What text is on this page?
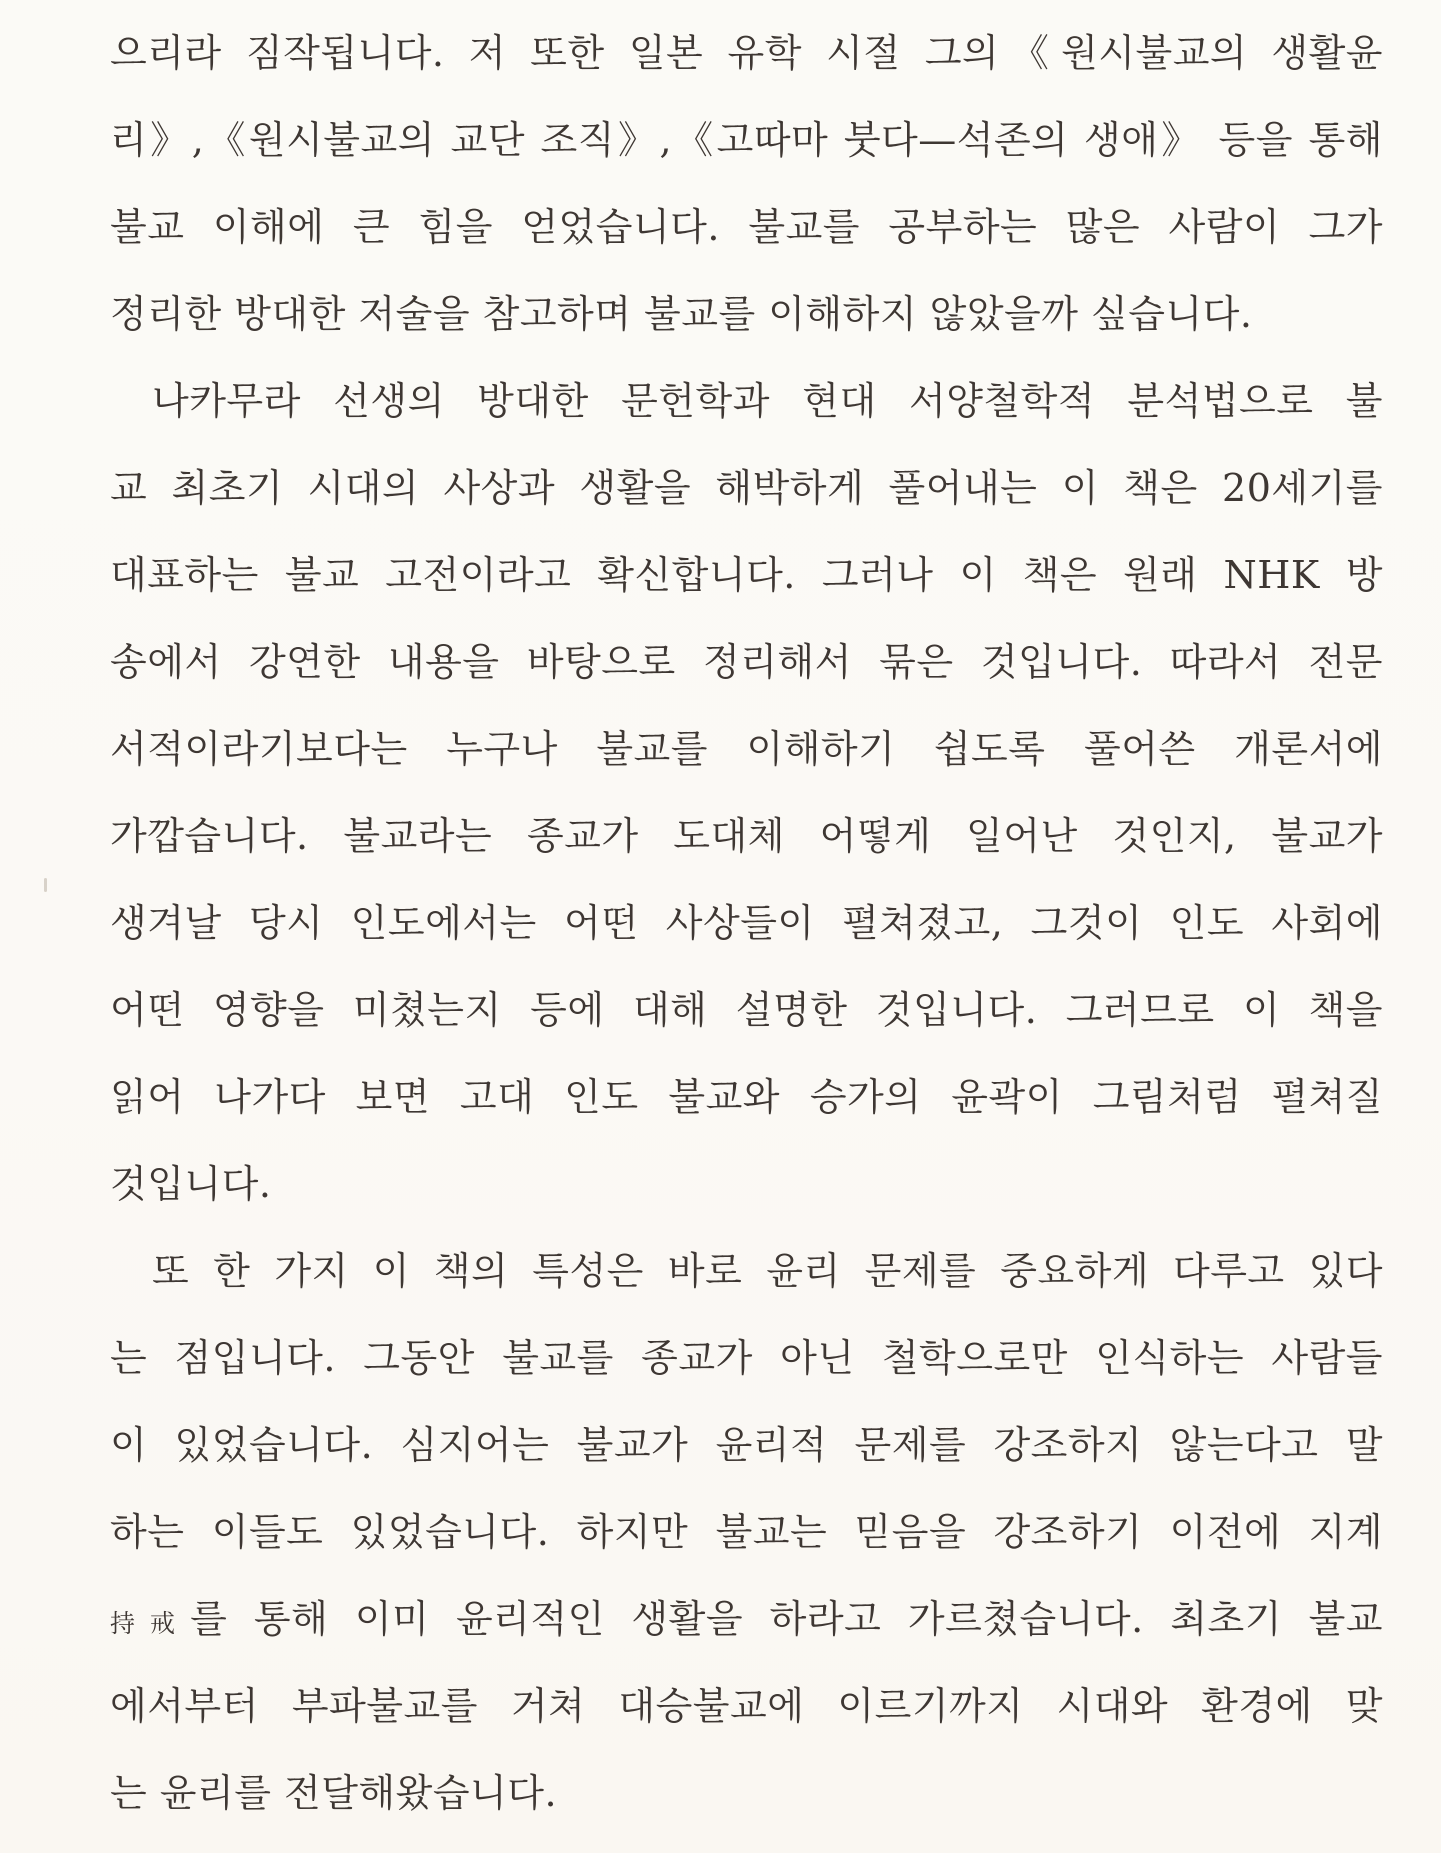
으리라 짐작됩니다. 저 또한 일본 유학 시절 그의《원시불교의 생활윤
리》,《원시불교의 교단 조직》,《고따마 붓다—석존의 생애》 등을 통해
불교 이해에 큰 힘을 얻었습니다. 불교를 공부하는 많은 사람이 그가
정리한 방대한 저술을 참고하며 불교를 이해하지 않았을까 싶습니다.
나카무라 선생의 방대한 문헌학과 현대 서양철학적 분석법으로 불
교 최초기 시대의 사상과 생활을 해박하게 풀어내는 이 책은 20세기를
대표하는 불교 고전이라고 확신합니다. 그러나 이 책은 원래 NHK 방
송에서 강연한 내용을 바탕으로 정리해서 묶은 것입니다. 따라서 전문
서적이라기보다는 누구나 불교를 이해하기 쉽도록 풀어쓴 개론서에
가깝습니다. 불교라는 종교가 도대체 어떻게 일어난 것인지, 불교가
생겨날 당시 인도에서는 어떤 사상들이 펼쳐졌고, 그것이 인도 사회에
어떤 영향을 미쳤는지 등에 대해 설명한 것입니다. 그러므로 이 책을
읽어 나가다 보면 고대 인도 불교와 승가의 윤곽이 그림처럼 펼쳐질
것입니다.
또 한 가지 이 책의 특성은 바로 윤리 문제를 중요하게 다루고 있다
는 점입니다. 그동안 불교를 종교가 아닌 철학으로만 인식하는 사람들
이 있었습니다. 심지어는 불교가 윤리적 문제를 강조하지 않는다고 말
하는 이들도 있었습니다. 하지만 불교는 믿음을 강조하기 이전에 지계
持戒를 통해 이미 윤리적인 생활을 하라고 가르쳤습니다. 최초기 불교
에서부터 부파불교를 거쳐 대승불교에 이르기까지 시대와 환경에 맞
는 윤리를 전달해왔습니다.
